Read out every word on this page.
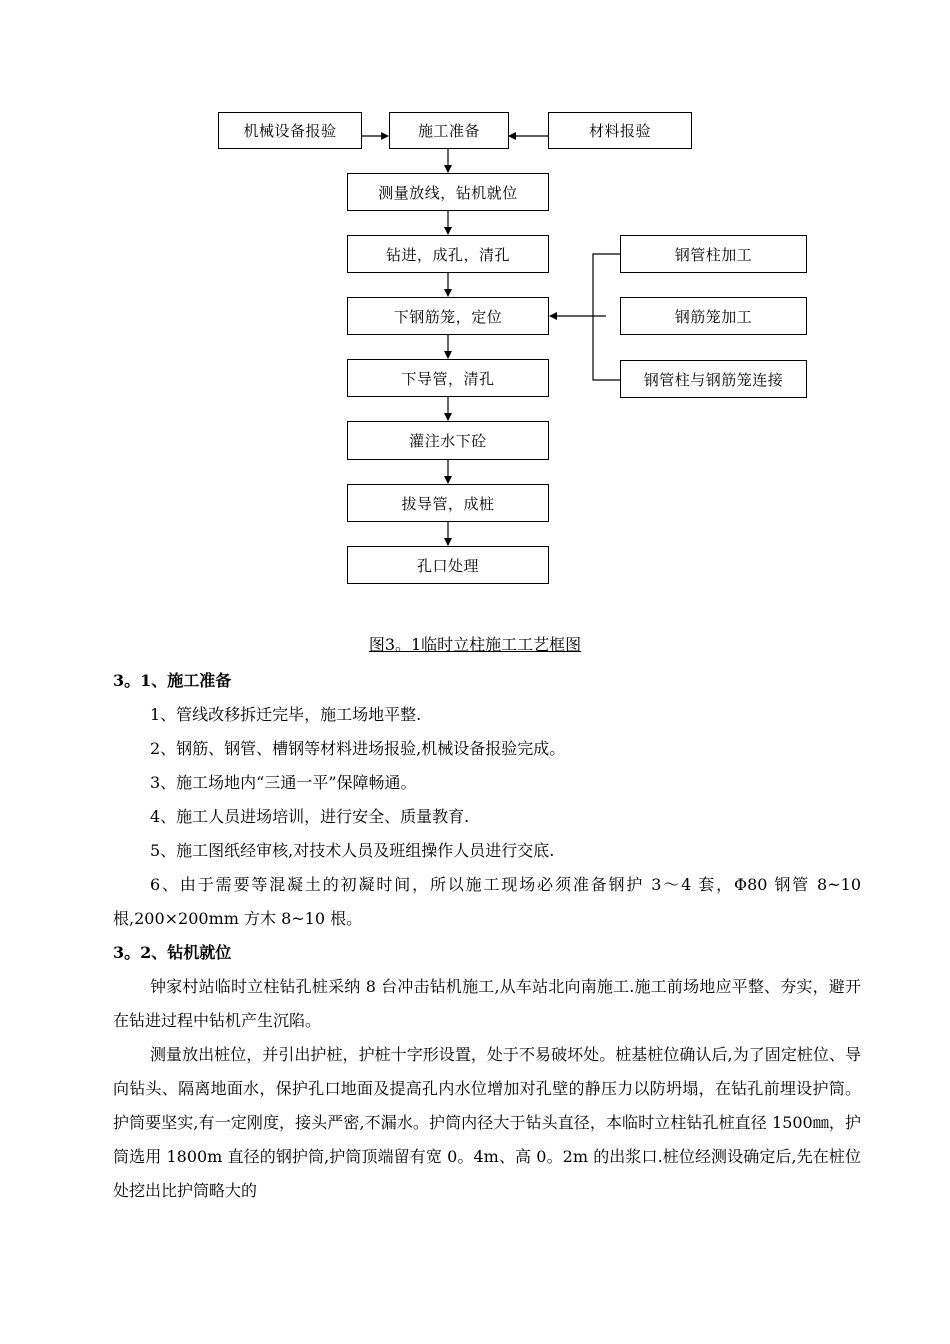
机械设备报验	施工准备	材料报验
测量放线，钻机就位
钻进，成孔，清孔
下钢筋笼，定位
下导管，清孔
灌注水下砼
拔导管，成桩
孔口处理
钢管柱加工
钢筋笼加工
钢管柱与钢筋笼连接
图3。1临时立柱施工工艺框图

3。1、施工准备

1、管线改移拆迁完毕，施工场地平整.

2、钢筋、钢管、槽钢等材料进场报验,机械设备报验完成。

3、施工场地内“三通一平”保障畅通。

4、施工人员进场培训，进行安全、质量教育.

5、施工图纸经审核,对技术人员及班组操作人员进行交底.

6、由于需要等混凝土的初凝时间，所以施工现场必须准备钢护 3～4 套，Φ80 钢管 8~10 根,200×200mm 方木 8~10 根。

3。2、钻机就位

钟家村站临时立柱钻孔桩采纳 8 台冲击钻机施工,从车站北向南施工.施工前场地应平整、夯实，避开在钻进过程中钻机产生沉陷。

测量放出桩位，并引出护桩，护桩十字形设置，处于不易破坏处。桩基桩位确认后,为了固定桩位、导向钻头、隔离地面水，保护孔口地面及提高孔内水位增加对孔壁的静压力以防坍塌，在钻孔前埋设护筒。护筒要坚实,有一定刚度，接头严密,不漏水。护筒内径大于钻头直径，本临时立柱钻孔桩直径 1500㎜，护筒选用 1800m 直径的钢护筒,护筒顶端留有宽 0。4m、高 0。2m 的出浆口.桩位经测设确定后,先在桩位处挖出比护筒略大的
